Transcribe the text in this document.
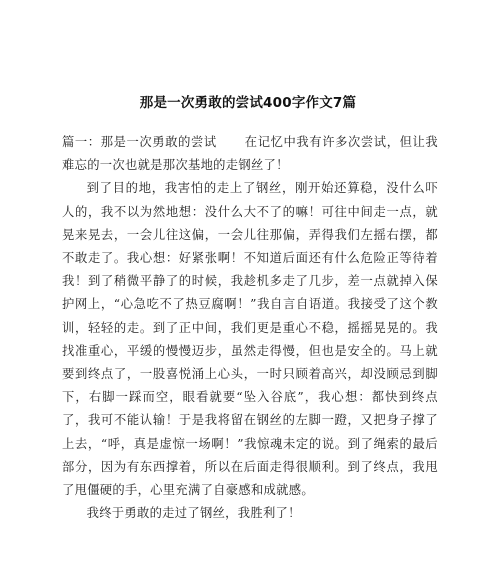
那是一次勇敢的尝试400字作文7篇

篇一：那是一次勇敢的尝试 在记忆中我有许多次尝试，但让我难忘的一次也就是那次基地的走钢丝了！

到了目的地，我害怕的走上了钢丝，刚开始还算稳，没什么吓人的，我不以为然地想：没什么大不了的嘛！可往中间走一点，就晃来晃去，一会儿往这偏，一会儿往那偏，弄得我们左摇右摆，都不敢走了。我心想：好紧张啊！不知道后面还有什么危险正等待着我！到了稍微平静了的时候，我趁机多走了几步，差一点就掉入保护网上，“心急吃不了热豆腐啊！”我自言自语道。我接受了这个教训，轻轻的走。到了正中间，我们更是重心不稳，摇摇晃晃的。我找准重心，平缓的慢慢迈步，虽然走得慢，但也是安全的。马上就要到终点了，一股喜悦涌上心头，一时只顾着高兴，却没顾忌到脚下，右脚一踩而空，眼看就要“坠入谷底”，我心想：都快到终点了，我可不能认输！于是我将留在钢丝的左脚一蹬，又把身子撑了上去，“呼，真是虚惊一场啊！”我惊魂未定的说。到了绳索的最后部分，因为有东西撑着，所以在后面走得很顺利。到了终点，我甩了甩僵硬的手，心里充满了自豪感和成就感。

我终于勇敢的走过了钢丝，我胜利了！
